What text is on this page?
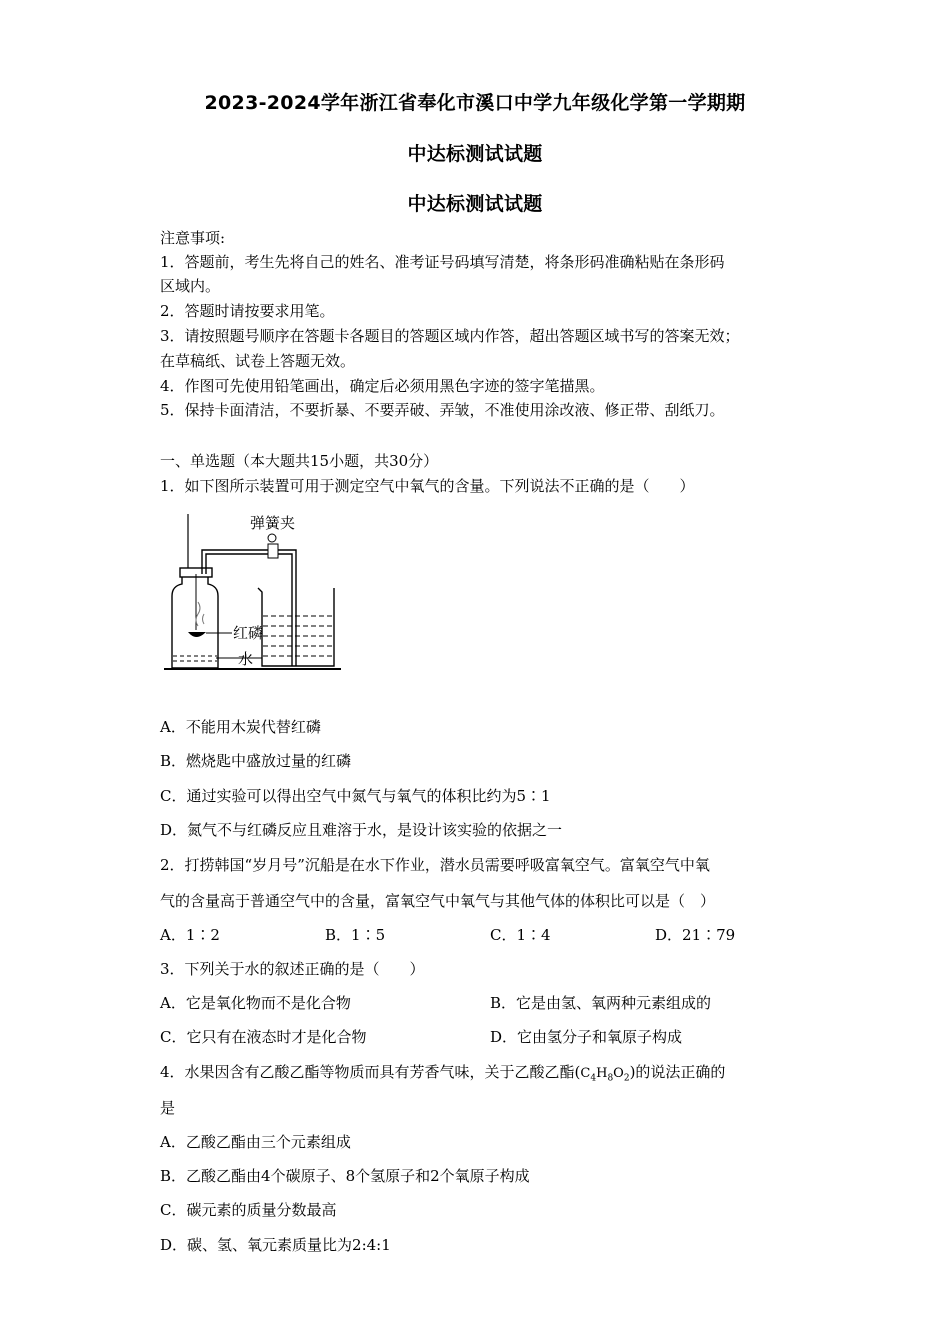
2023-2024学年浙江省奉化市溪口中学九年级化学第一学期期
中达标测试试题
中达标测试试题
注意事项:
1．答题前，考生先将自己的姓名、准考证号码填写清楚，将条形码准确粘贴在条形码
区域内。
2．答题时请按要求用笔。
3．请按照题号顺序在答题卡各题目的答题区域内作答，超出答题区域书写的答案无效；
在草稿纸、试卷上答题无效。
4．作图可先使用铅笔画出，确定后必须用黑色字迹的签字笔描黑。
5．保持卡面清洁，不要折暴、不要弄破、弄皱，不准使用涂改液、修正带、刮纸刀。
一、单选题（本大题共15小题，共30分）
1．如下图所示装置可用于测定空气中氧气的含量。下列说法不正确的是（　　）
弹簧夹
红磷
水
A．不能用木炭代替红磷
B．燃烧匙中盛放过量的红磷
C．通过实验可以得出空气中氮气与氧气的体积比约为5∶1
D．氮气不与红磷反应且难溶于水，是设计该实验的依据之一
2．打捞韩国“岁月号”沉船是在水下作业，潜水员需要呼吸富氧空气。富氧空气中氧
气的含量高于普通空气中的含量，富氧空气中氧气与其他气体的体积比可以是（　）
A．1∶2	B．1∶5	C．1∶4	D．21∶79
3．下列关于水的叙述正确的是（　　）
A．它是氧化物而不是化合物	B．它是由氢、氧两种元素组成的
C．它只有在液态时才是化合物	D．它由氢分子和氧原子构成
4．水果因含有乙酸乙酯等物质而具有芳香气味，关于乙酸乙酯$(C_4H_8O_2)$的说法正确的
是
A．乙酸乙酯由三个元素组成
B．乙酸乙酯由4个碳原子、8个氢原子和2个氧原子构成
C．碳元素的质量分数最高
D．碳、氢、氧元素质量比为2:4:1
